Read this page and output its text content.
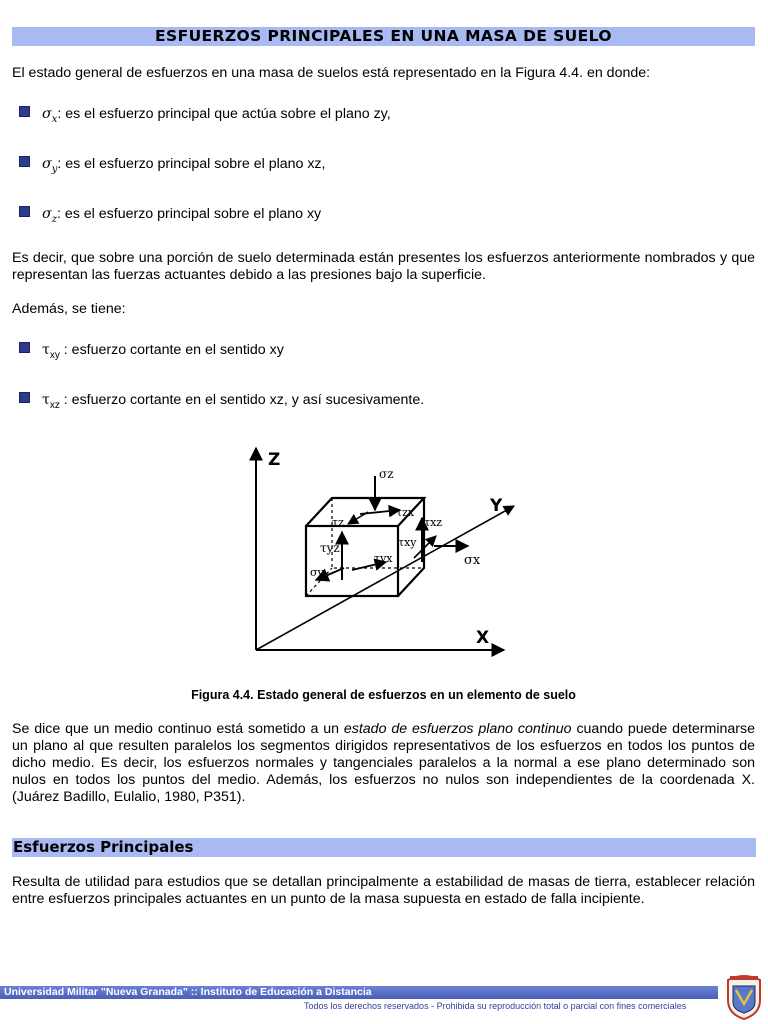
ESFUERZOS PRINCIPALES EN UNA MASA DE SUELO
El estado general de esfuerzos en una masa de suelos está representado en la Figura 4.4. en donde:
$\sigma_x$: es el esfuerzo principal que actúa sobre el plano zy,
$\sigma_y$: es el esfuerzo principal sobre el plano xz,
$\sigma_z$: es el esfuerzo principal sobre el plano xy
Es decir, que sobre una porción de suelo determinada están presentes los esfuerzos anteriormente nombrados y que representan las fuerzas actuantes debido a las presiones bajo la superficie.
Además, se tiene:
$\tau_{xy}$ : esfuerzo cortante en el sentido xy
$\tau_{xz}$ : esfuerzo cortante en el sentido xz, y así sucesivamente.
Z
Y
X
σz
τzx
τz
τyz
τyx
τxz
τxy
σx
σy
Figura 4.4. Estado general de esfuerzos en un elemento de suelo
Se dice que un medio continuo está sometido a un estado de esfuerzos plano continuo cuando puede determinarse un plano al que resulten paralelos los segmentos dirigidos representativos de los esfuerzos en todos los puntos de dicho medio. Es decir, los esfuerzos normales y tangenciales paralelos a la normal a ese plano determinado son nulos en todos los puntos del medio. Además, los esfuerzos no nulos son independientes de la coordenada X. (Juárez Badillo, Eulalio, 1980, P351).
Esfuerzos Principales
Resulta de utilidad para estudios que se detallan principalmente a estabilidad de masas de tierra, establecer relación entre esfuerzos principales actuantes en un punto de la masa supuesta en estado de falla incipiente.
Universidad Militar "Nueva Granada" :: Instituto de Educación a Distancia
Todos los derechos reservados - Prohibida su reproducción total o parcial con fines comerciales
